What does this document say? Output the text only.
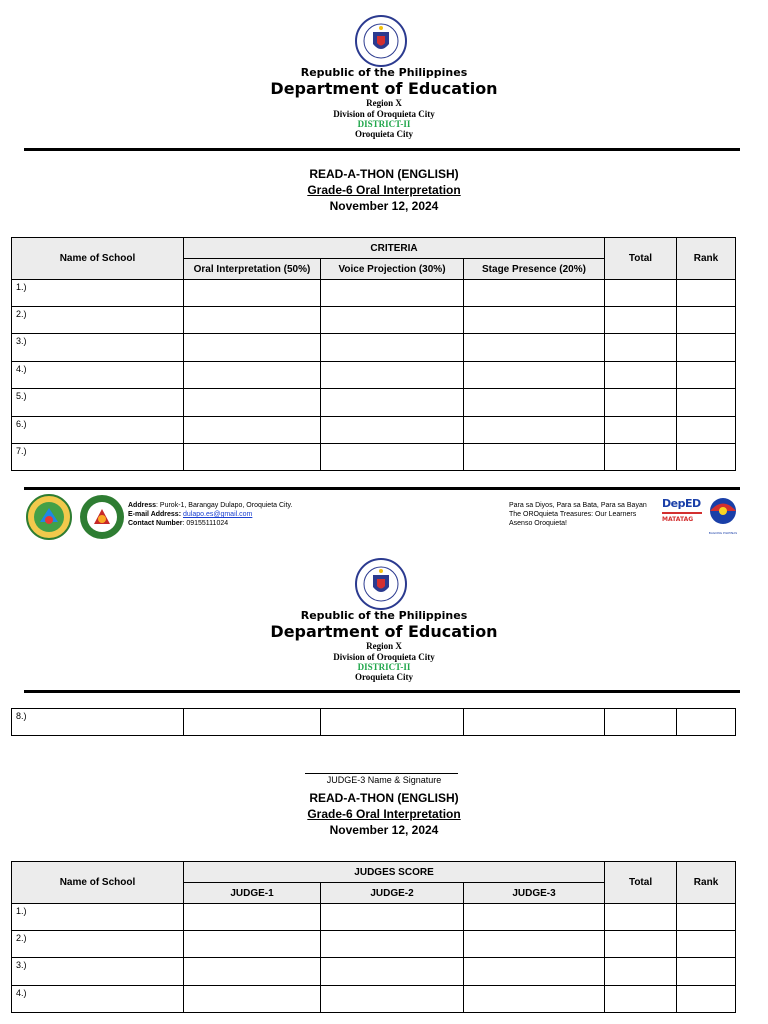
Republic of the Philippines
Department of Education
Region X
Division of Oroquieta City
DISTRICT-II
Oroquieta City
READ-A-THON (ENGLISH)
Grade-6 Oral Interpretation
November 12, 2024
Name of School	CRITERIA			Total	Rank
	Oral Interpretation (50%)	Voice Projection (30%)	Stage Presence (20%)		
1.)					
2.)					
3.)					
4.)					
5.)					
6.)					
7.)					
Address: Purok-1, Barangay Dulapo, Oroquieta City.
E-mail Address: dulapo.es@gmail.com
Contact Number: 09155111024
Para sa Diyos, Para sa Bata, Para sa Bayan
The OROquieta Treasures: Our Learners
Asenso Oroquieta!
DepED
MATATAG
BAGONG PILIPINAS
Republic of the Philippines
Department of Education
Region X
Division of Oroquieta City
DISTRICT-II
Oroquieta City
8.)					
JUDGE-3 Name & Signature
READ-A-THON (ENGLISH)
Grade-6 Oral Interpretation
November 12, 2024
Name of School	JUDGES SCORE			Total	Rank
	JUDGE-1	JUDGE-2	JUDGE-3		
1.)					
2.)					
3.)					
4.)					
